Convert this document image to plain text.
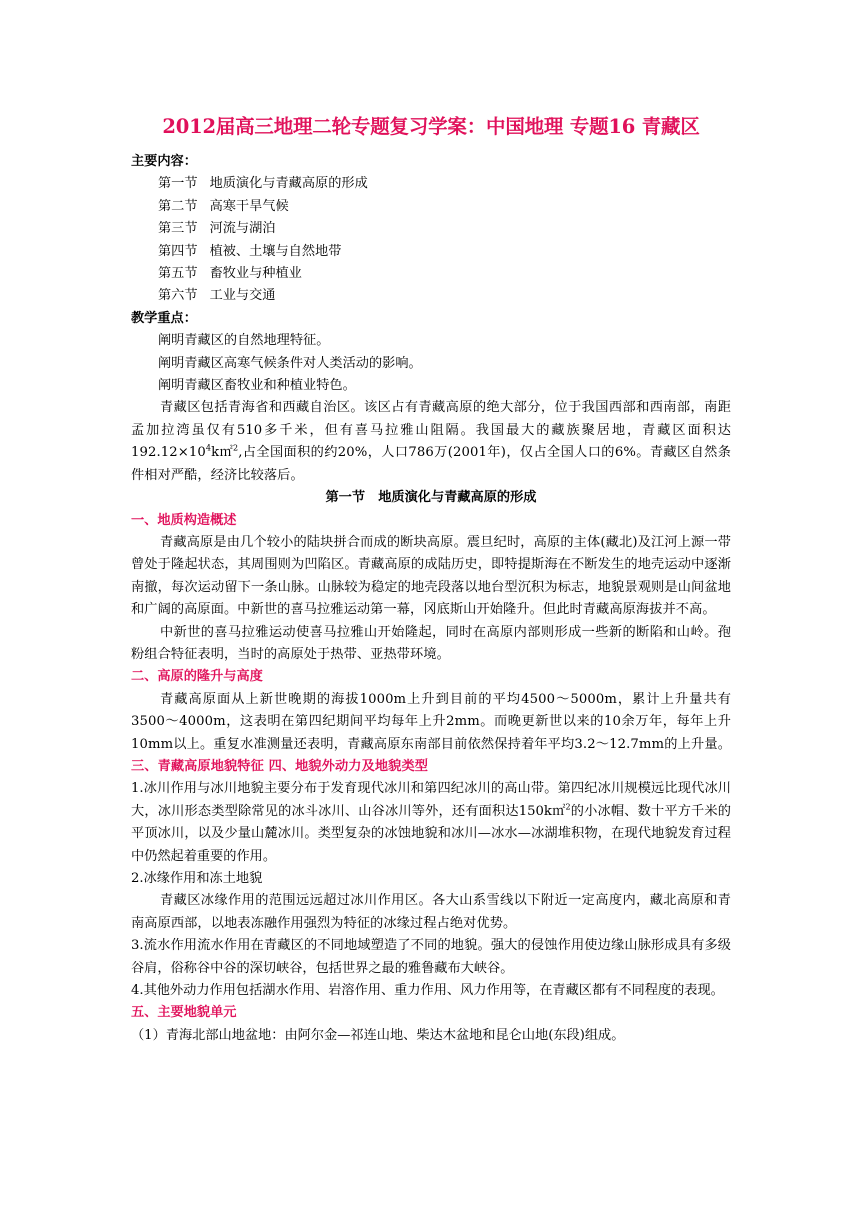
2012届高三地理二轮专题复习学案：中国地理 专题16 青藏区
主要内容：
第一节 地质演化与青藏高原的形成
第二节 高寒干旱气候
第三节 河流与湖泊
第四节 植被、土壤与自然地带
第五节 畜牧业与种植业
第六节 工业与交通
教学重点：
阐明青藏区的自然地理特征。
阐明青藏区高寒气候条件对人类活动的影响。
阐明青藏区畜牧业和种植业特色。
青藏区包括青海省和西藏自治区。该区占有青藏高原的绝大部分，位于我国西部和西南部，南距孟加拉湾虽仅有510多千米，但有喜马拉雅山阻隔。我国最大的藏族聚居地，青藏区面积达$192.12\times 10^4k㎡^2$,占全国面积的约20%，人口786万(2001年)，仅占全国人口的6%。青藏区自然条件相对严酷，经济比较落后。
第一节　地质演化与青藏高原的形成
一、地质构造概述
青藏高原是由几个较小的陆块拼合而成的断块高原。震旦纪时，高原的主体(藏北)及江河上源一带曾处于隆起状态，其周围则为凹陷区。青藏高原的成陆历史，即特提斯海在不断发生的地壳运动中逐渐南撤，每次运动留下一条山脉。山脉较为稳定的地壳段落以地台型沉积为标志，地貌景观则是山间盆地和广阔的高原面。中新世的喜马拉雅运动第一幕，冈底斯山开始隆升。但此时青藏高原海拔并不高。
中新世的喜马拉雅运动使喜马拉雅山开始隆起，同时在高原内部则形成一些新的断陷和山岭。孢粉组合特征表明，当时的高原处于热带、亚热带环境。
二、高原的隆升与高度
青藏高原面从上新世晚期的海拔1000m上升到目前的平均4500～5000m，累计上升量共有3500～4000m，这表明在第四纪期间平均每年上升2mm。而晚更新世以来的10余万年，每年上升10mm以上。重复水准测量还表明，青藏高原东南部目前依然保持着年平均3.2～12.7mm的上升量。三、青藏高原地貌特征 四、地貌外动力及地貌类型
1.冰川作用与冰川地貌主要分布于发育现代冰川和第四纪冰川的高山带。第四纪冰川规模远比现代冰川大，冰川形态类型除常见的冰斗冰川、山谷冰川等外，还有面积达150k㎡$^2$的小冰帽、数十平方千米的平顶冰川，以及少量山麓冰川。类型复杂的冰蚀地貌和冰川—冰水—冰湖堆积物，在现代地貌发育过程中仍然起着重要的作用。
2.冰缘作用和冻土地貌
青藏区冰缘作用的范围远远超过冰川作用区。各大山系雪线以下附近一定高度内，藏北高原和青南高原西部，以地表冻融作用强烈为特征的冰缘过程占绝对优势。
3.流水作用流水作用在青藏区的不同地域塑造了不同的地貌。强大的侵蚀作用使边缘山脉形成具有多级谷肩，俗称谷中谷的深切峡谷，包括世界之最的雅鲁藏布大峡谷。
4.其他外动力作用包括湖水作用、岩溶作用、重力作用、风力作用等，在青藏区都有不同程度的表现。
五、主要地貌单元
（1）青海北部山地盆地：由阿尔金—祁连山地、柴达木盆地和昆仑山地(东段)组成。
